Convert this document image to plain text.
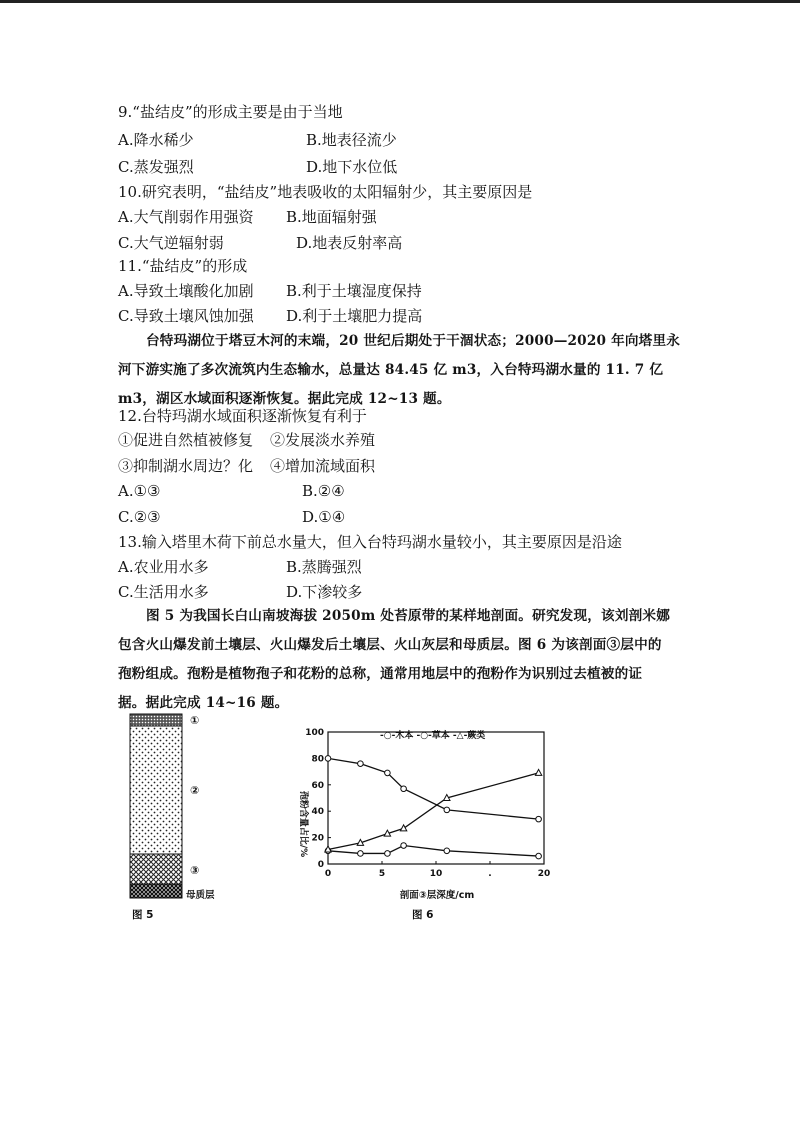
9.“盐结皮”的形成主要是由于当地
A.降水稀少	B.地表径流少
C.蒸发强烈	D.地下水位低
10.研究表明，“盐结皮”地表吸收的太阳辐射少，其主要原因是
A.大气削弱作用强资 B.地面辐射强
C.大气逆辐射弱	D.地表反射率高
11.“盐结皮”的形成
A.导致土壤酸化加剧 B.利于土壤湿度保持
C.导致土壤风蚀加强 D.利于土壤肥力提高

台特玛湖位于塔豆木河的末端，20 世纪后期处于干涸状态；2000—2020 年向塔里永

河下游实施了多次流筑内生态输水，总量达 84.45 亿 m3，入台特玛湖水量的 11. 7 亿

m3，湖区水域面积逐渐恢复。据此完成 12~13 题。

12.台特玛湖水域面积逐渐恢复有利于
①促进自然植被修复 ②发展淡水养殖
③抑制湖水周边？化 ④增加流域面积
A.①③	B.②④
C.②③	D.①④
13.输入塔里木荷下前总水量大，但入台特玛湖水量较小，其主要原因是沿途
A.农业用水多	B.蒸腾强烈
C.生活用水多	D.下渗较多

图 5 为我国长白山南坡海拔 2050m 处苔原带的某样地剖面。研究发现，该刘剖米娜

包含火山爆发前土壤层、火山爆发后土壤层、火山灰层和母质层。图 6 为该剖面③层中的

孢粉组成。孢粉是植物孢子和花粉的总称，通常用地层中的孢粉作为识别过去植被的证

据。据此完成 14~16 题。

①
②
③
母质层
图 5
0
20
40
60
80
100
0	5	10	.	20
-○-木本 -○-草本 -△-蕨类
孢粉含量占比/%
剖面③层深度/cm
图 6
